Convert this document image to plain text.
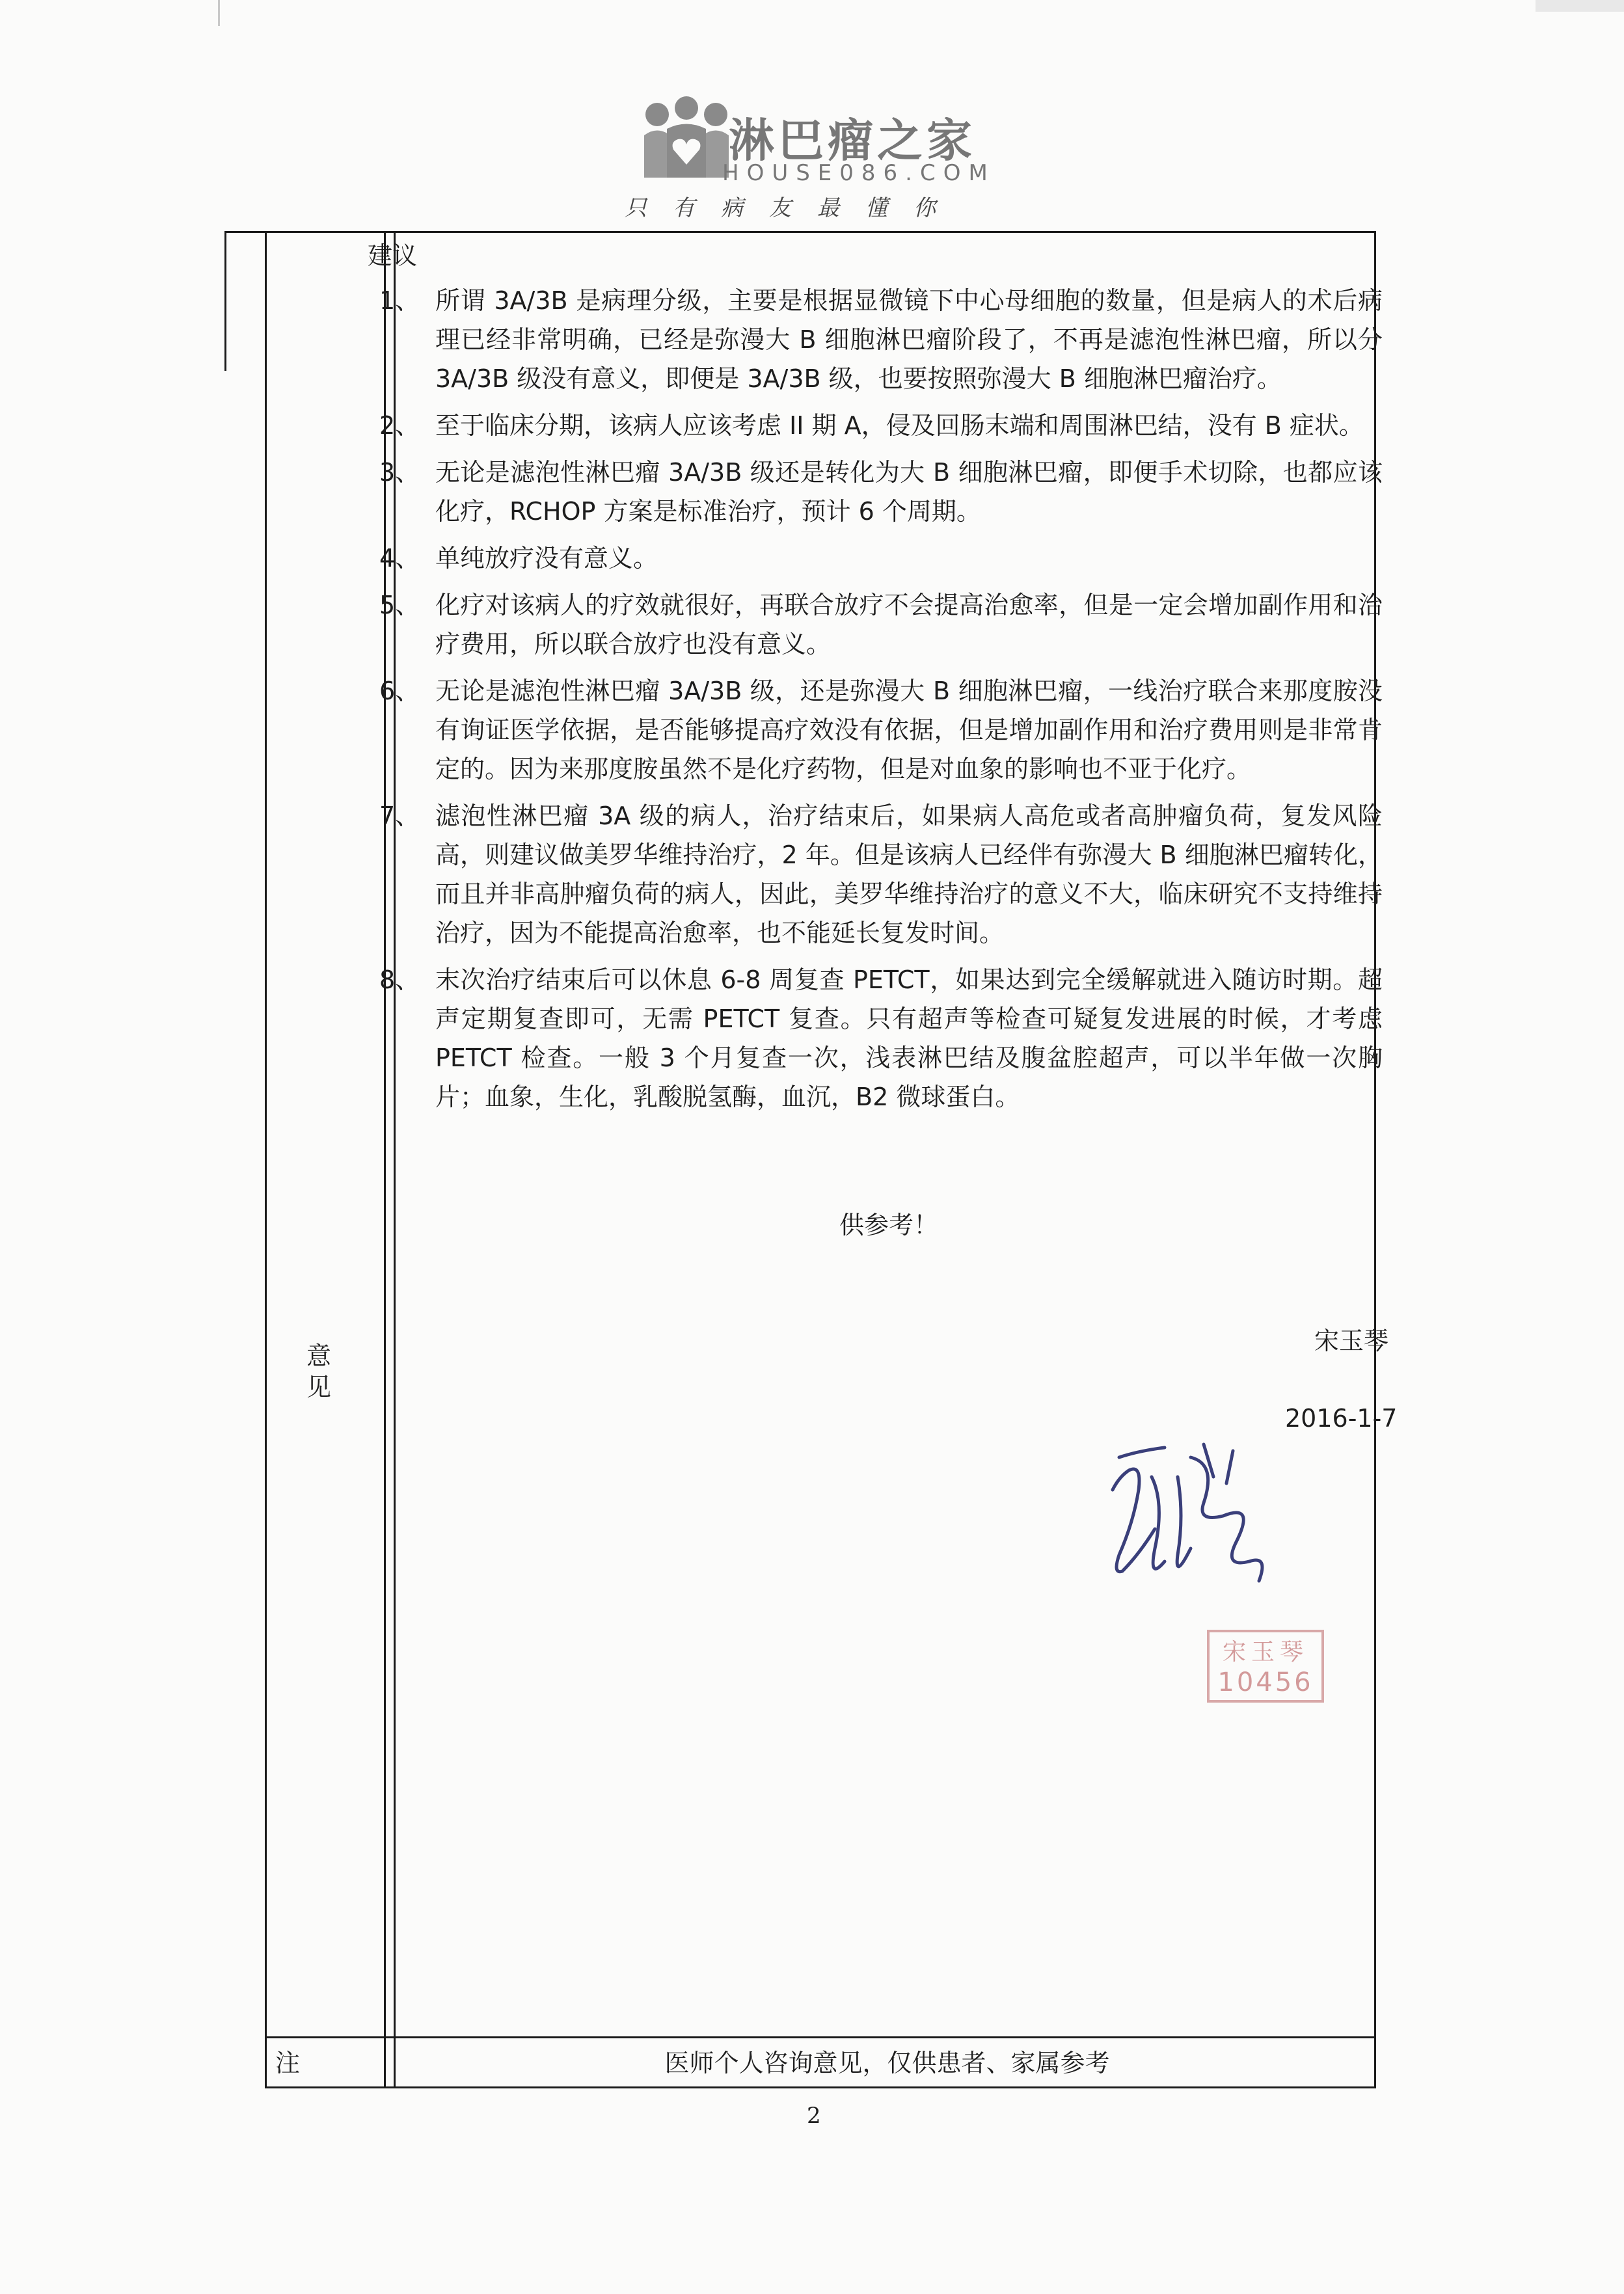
淋巴瘤之家
HOUSE086.COM
只有病友最懂你
意见
注	医师个人咨询意见，仅供患者、家属参考
建议
1、 所谓 3A/3B 是病理分级，主要是根据显微镜下中心母细胞的数量，但是病人的术后病理已经非常明确，已经是弥漫大 B 细胞淋巴瘤阶段了，不再是滤泡性淋巴瘤，所以分 3A/3B 级没有意义，即便是 3A/3B 级，也要按照弥漫大 B 细胞淋巴瘤治疗。
2、 至于临床分期，该病人应该考虑 II 期 A，侵及回肠末端和周围淋巴结，没有 B 症状。
3、 无论是滤泡性淋巴瘤 3A/3B 级还是转化为大 B 细胞淋巴瘤，即便手术切除，也都应该化疗，RCHOP 方案是标准治疗，预计 6 个周期。
4、 单纯放疗没有意义。
5、 化疗对该病人的疗效就很好，再联合放疗不会提高治愈率，但是一定会增加副作用和治疗费用，所以联合放疗也没有意义。
6、 无论是滤泡性淋巴瘤 3A/3B 级，还是弥漫大 B 细胞淋巴瘤，一线治疗联合来那度胺没有询证医学依据，是否能够提高疗效没有依据，但是增加副作用和治疗费用则是非常肯定的。因为来那度胺虽然不是化疗药物，但是对血象的影响也不亚于化疗。
7、 滤泡性淋巴瘤 3A 级的病人，治疗结束后，如果病人高危或者高肿瘤负荷，复发风险高，则建议做美罗华维持治疗，2 年。但是该病人已经伴有弥漫大 B 细胞淋巴瘤转化，而且并非高肿瘤负荷的病人，因此，美罗华维持治疗的意义不大，临床研究不支持维持治疗，因为不能提高治愈率，也不能延长复发时间。
8、 末次治疗结束后可以休息 6-8 周复查 PETCT，如果达到完全缓解就进入随访时期。超声定期复查即可，无需 PETCT 复查。只有超声等检查可疑复发进展的时候，才考虑 PETCT 检查。一般 3 个月复查一次，浅表淋巴结及腹盆腔超声，可以半年做一次胸片；血象，生化，乳酸脱氢酶，血沉，B2 微球蛋白。
供参考！
宋玉琴
2016-1-7
宋玉琴
10456
2
